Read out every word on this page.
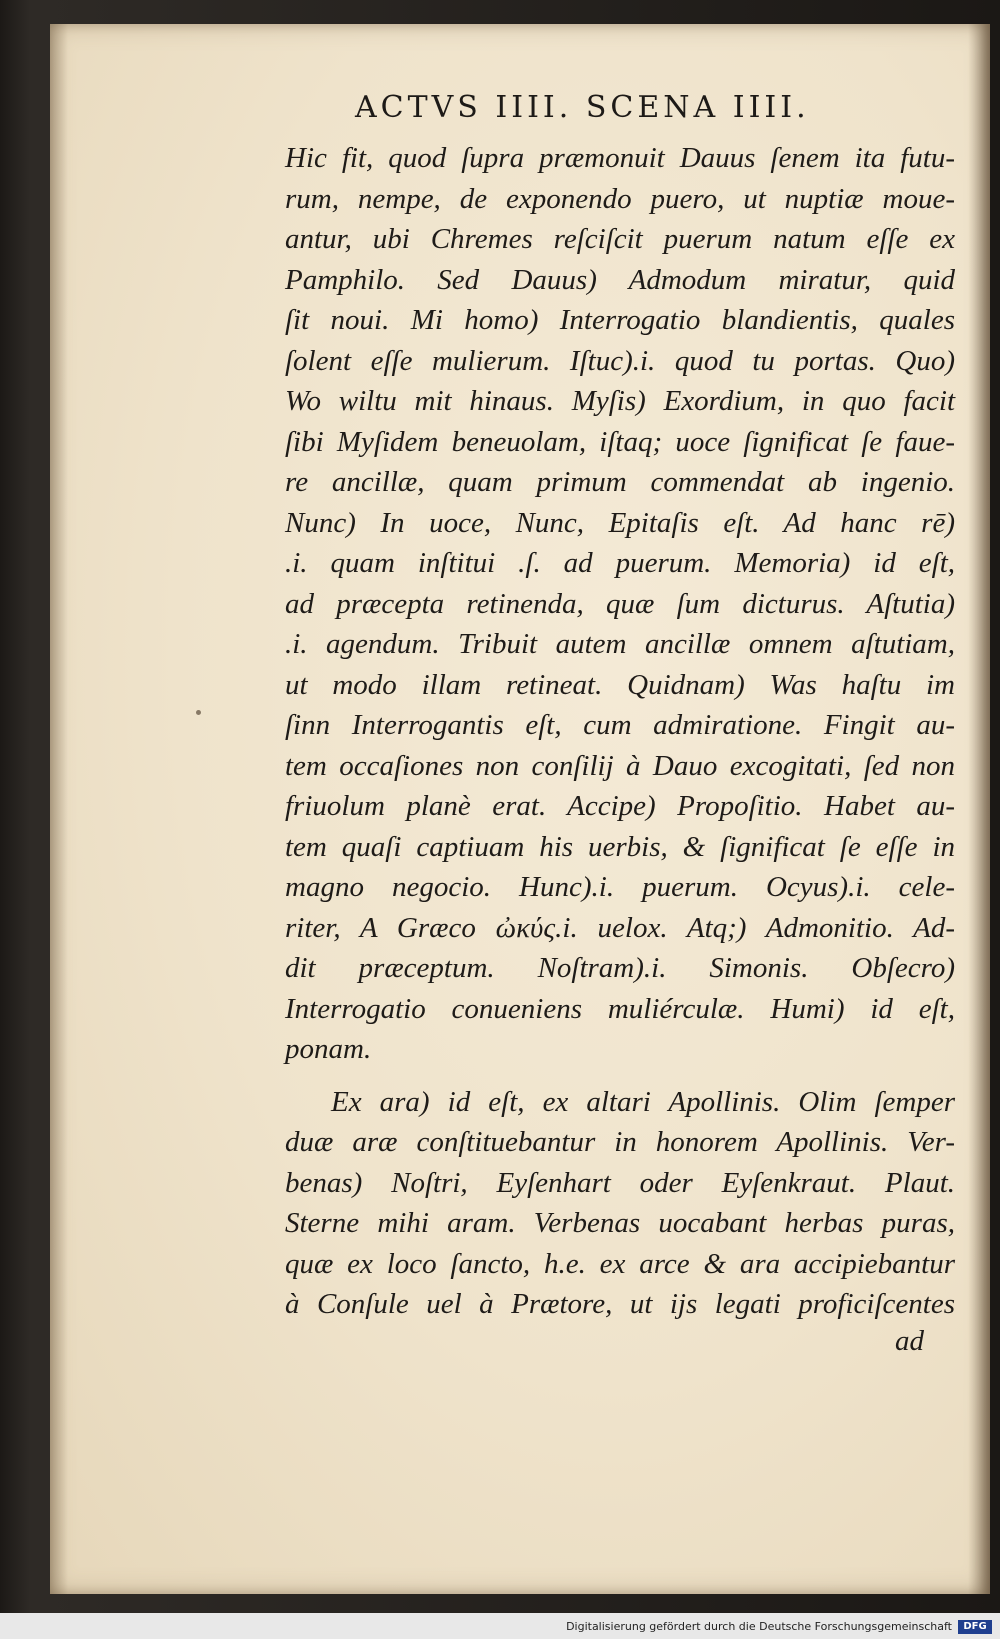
ACTVS IIII. SCENA IIII.
Hic fit, quod ſupra præmonuit Dauus ſenem ita futu-
rum, nempe, de exponendo puero, ut nuptiæ moue-
antur, ubi Chremes reſciſcit puerum natum eſſe ex
Pamphilo. Sed Dauus) Admodum miratur, quid
ſit noui. Mi homo) Interrogatio blandientis, quales
ſolent eſſe mulierum. Iſtuc).i. quod tu portas. Quo)
Wo wiltu mit hinaus. Myſis) Exordium, in quo facit
ſibi Myſidem beneuolam, iſtaq; uoce ſignificat ſe faue-
re ancillæ, quam primum commendat ab ingenio.
Nunc) In uoce, Nunc, Epitaſis eſt. Ad hanc rē)
.i. quam inſtitui .ſ. ad puerum. Memoria) id eſt,
ad præcepta retinenda, quæ ſum dicturus. Aſtutia)
.i. agendum. Tribuit autem ancillæ omnem aſtutiam,
ut modo illam retineat. Quidnam) Was haſtu im
ſinn Interrogantis eſt, cum admiratione. Fingit au-
tem occaſiones non conſilij à Dauo excogitati, ſed non
friuolum planè erat. Accipe) Propoſitio. Habet au-
tem quaſi captiuam his uerbis, & ſignificat ſe eſſe in
magno negocio. Hunc).i. puerum. Ocyus).i. cele-
riter, A Græco ὠκύς.i. uelox. Atq;) Admonitio. Ad-
dit præceptum. Noſtram).i. Simonis. Obſecro)
Interrogatio conueniens muliérculæ. Humi) id eſt,
ponam.
Ex ara) id eſt, ex altari Apollinis. Olim ſemper
duæ aræ conſtituebantur in honorem Apollinis. Ver-
benas) Noſtri, Eyſenhart oder Eyſenkraut. Plaut.
Sterne mihi aram. Verbenas uocabant herbas puras,
quæ ex loco ſancto, h.e. ex arce & ara accipiebantur
à Conſule uel à Prætore, ut ijs legati proficiſcentes
ad
Digitalisierung gefördert durch die Deutsche Forschungsgemeinschaft	DFG
